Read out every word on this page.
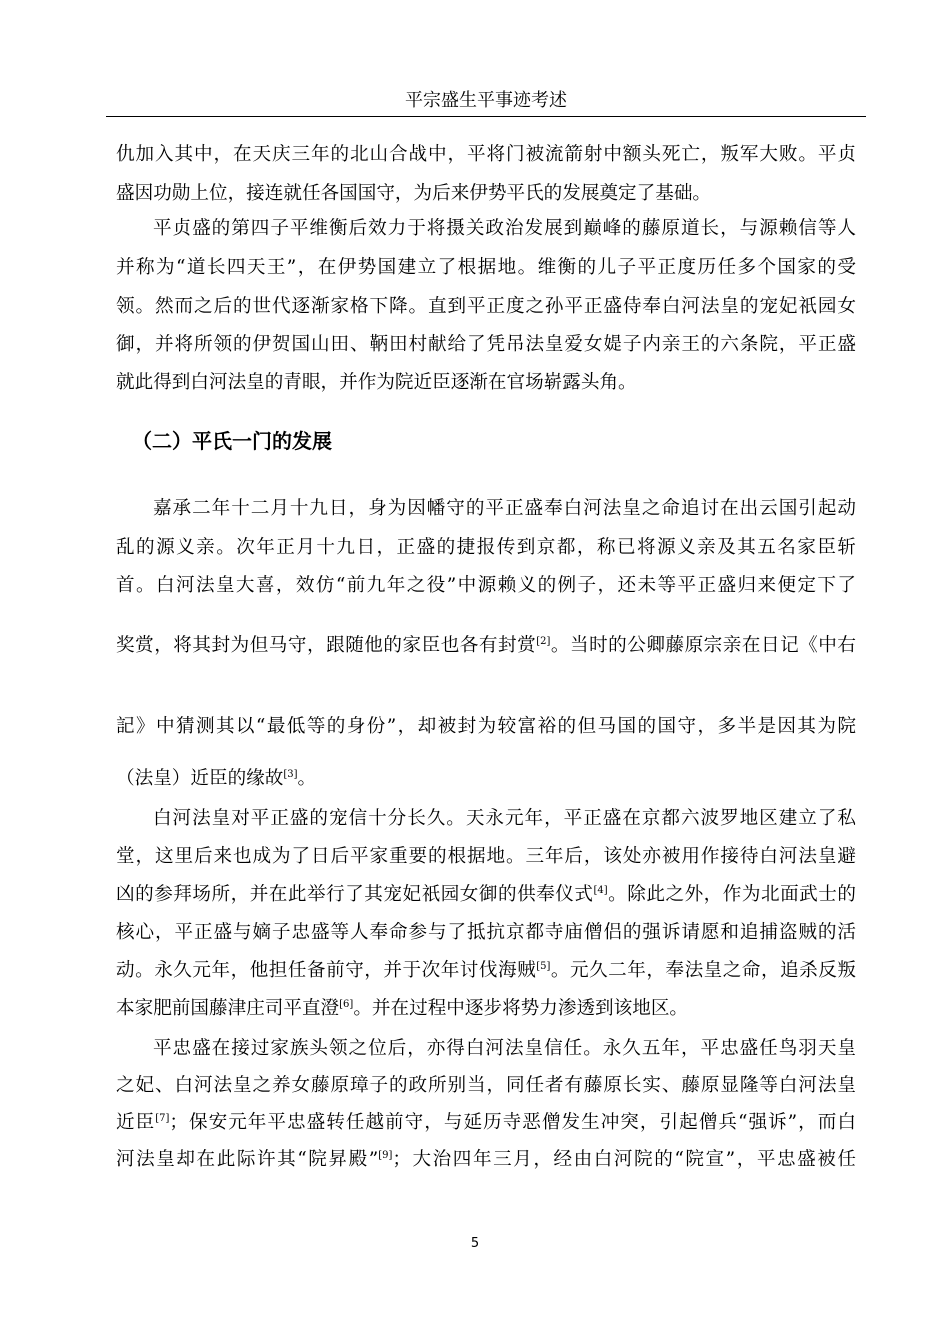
平宗盛生平事迹考述
仇加入其中，在天庆三年的北山合战中，平将门被流箭射中额头死亡，叛军大败。平贞
盛因功勋上位，接连就任各国国守，为后来伊势平氏的发展奠定了基础。
平贞盛的第四子平维衡后效力于将摄关政治发展到巅峰的藤原道长，与源赖信等人
并称为“道长四天王”，在伊势国建立了根据地。维衡的儿子平正度历任多个国家的受
领。然而之后的世代逐渐家格下降。直到平正度之孙平正盛侍奉白河法皇的宠妃祇园女
御，并将所领的伊贺国山田、鞆田村献给了凭吊法皇爱女媞子内亲王的六条院，平正盛
就此得到白河法皇的青眼，并作为院近臣逐渐在官场崭露头角。
（二）平氏一门的发展
嘉承二年十二月十九日，身为因幡守的平正盛奉白河法皇之命追讨在出云国引起动
乱的源义亲。次年正月十九日，正盛的捷报传到京都，称已将源义亲及其五名家臣斩
首。白河法皇大喜，效仿“前九年之役”中源赖义的例子，还未等平正盛归来便定下了
奖赏，将其封为但马守，跟随他的家臣也各有封赏[2]。当时的公卿藤原宗亲在日记《中右
記》中猜测其以“最低等的身份”，却被封为较富裕的但马国的国守，多半是因其为院
（法皇）近臣的缘故[3]。
白河法皇对平正盛的宠信十分长久。天永元年，平正盛在京都六波罗地区建立了私
堂，这里后来也成为了日后平家重要的根据地。三年后，该处亦被用作接待白河法皇避
凶的参拜场所，并在此举行了其宠妃祇园女御的供奉仪式[4]。除此之外，作为北面武士的
核心，平正盛与嫡子忠盛等人奉命参与了抵抗京都寺庙僧侣的强诉请愿和追捕盗贼的活
动。永久元年，他担任备前守，并于次年讨伐海贼[5]。元久二年，奉法皇之命，追杀反叛
本家肥前国藤津庄司平直澄[6]。并在过程中逐步将势力渗透到该地区。
平忠盛在接过家族头领之位后，亦得白河法皇信任。永久五年，平忠盛任鸟羽天皇
之妃、白河法皇之养女藤原璋子的政所别当，同任者有藤原长实、藤原显隆等白河法皇
近臣[7]；保安元年平忠盛转任越前守，与延历寺恶僧发生冲突，引起僧兵“强诉”，而白
河法皇却在此际许其“院昇殿”[9]；大治四年三月，经由白河院的“院宣”，平忠盛被任
5
